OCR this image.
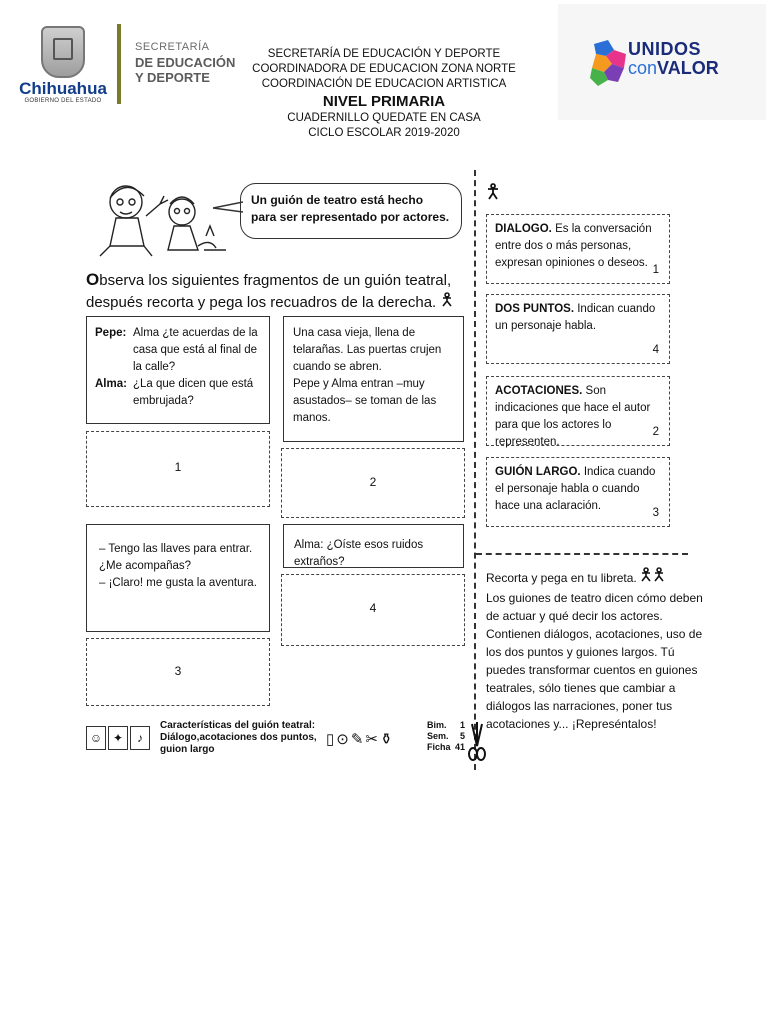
Chihuahua
GOBIERNO DEL ESTADO
SECRETARÍA
DE EDUCACIÓN
Y DEPORTE
SECRETARÍA DE EDUCACIÓN Y DEPORTE
COORDINADORA DE EDUCACION ZONA NORTE
COORDINACIÓN DE EDUCACION ARTISTICA
NIVEL PRIMARIA
CUADERNILLO QUEDATE EN CASA
CICLO ESCOLAR 2019-2020
UNIDOS
conVALOR
Un guión de teatro está hecho para ser representado por actores.
Observa los siguientes fragmentos de un guión teatral, después recorta y pega los recuadros de la derecha.
Pepe: Alma ¿te acuerdas de la casa que está al final de la calle?
Alma: ¿La que dicen que está embrujada?
Una casa vieja, llena de telarañas. Las puertas crujen cuando se abren.
Pepe y Alma entran –muy asustados– se toman de las manos.
1
2
– Tengo las llaves para entrar. ¿Me acompañas?
– ¡Claro! me gusta la aventura.
Alma: ¿Oíste esos ruidos extraños?
4
3
DIALOGO. Es la conversación entre dos o más personas, expresan opiniones o deseos.
1
DOS PUNTOS. Indican cuando un personaje habla.
4
ACOTACIONES. Son indicaciones que hace el autor para que los actores lo representen.
2
GUIÓN LARGO. Indica cuando el personaje habla o cuando hace una aclaración.
3
Recorta y pega en tu libreta.
Los guiones de teatro dicen cómo deben de actuar y qué decir los actores. Contienen diálogos, acotaciones, uso de los dos puntos y guiones largos. Tú puedes transformar cuentos en guiones teatrales, sólo tienes que cambiar a diálogos las narraciones, poner tus acotaciones y... ¡Represéntalos!
☺ ✦ ♪
Características del guión teatral: Diálogo,acotaciones dos puntos, guion largo
▯⊙✎✂⚱
Bim.
Sem.
Ficha
1
5
41
